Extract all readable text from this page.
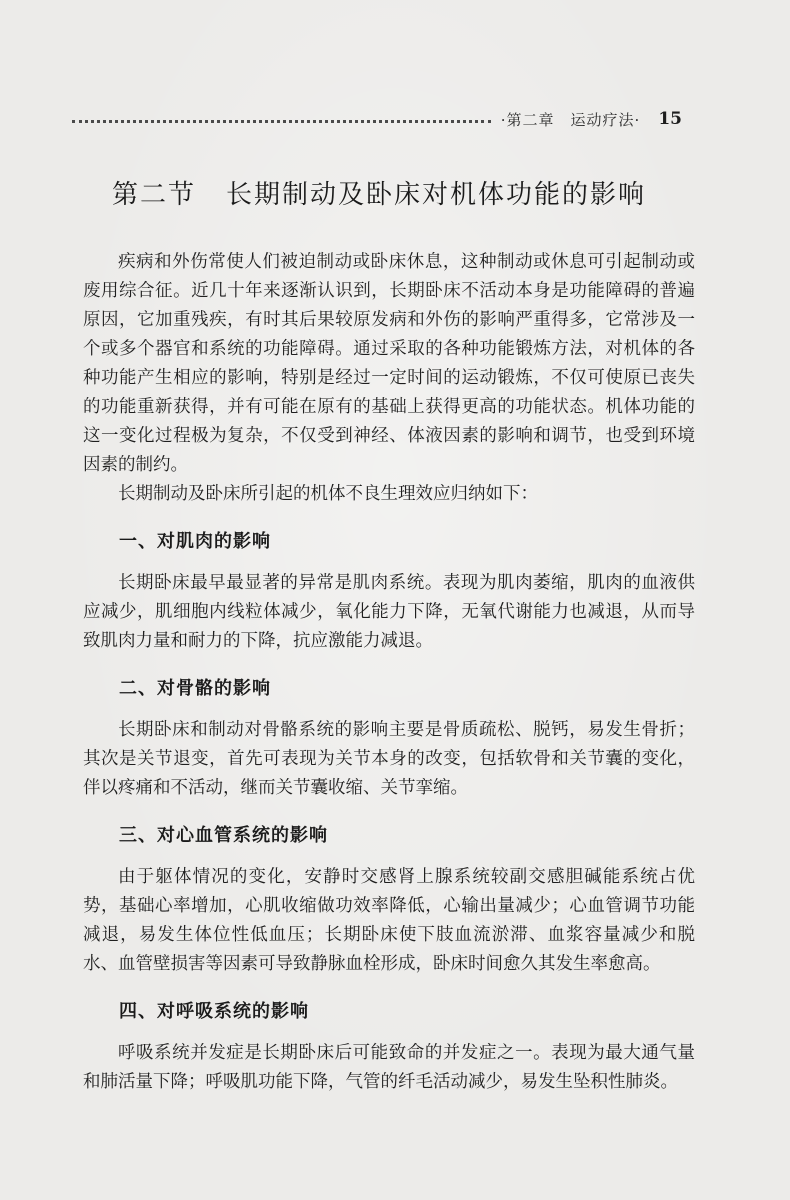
·第二章　运动疗法· 15
第二节 长期制动及卧床对机体功能的影响

疾病和外伤常使人们被迫制动或卧床休息，这种制动或休息可引起制动或废用综合征。近几十年来逐渐认识到，长期卧床不活动本身是功能障碍的普遍原因，它加重残疾，有时其后果较原发病和外伤的影响严重得多，它常涉及一个或多个器官和系统的功能障碍。通过采取的各种功能锻炼方法，对机体的各种功能产生相应的影响，特别是经过一定时间的运动锻炼，不仅可使原已丧失的功能重新获得，并有可能在原有的基础上获得更高的功能状态。机体功能的这一变化过程极为复杂，不仅受到神经、体液因素的影响和调节，也受到环境因素的制约。

长期制动及卧床所引起的机体不良生理效应归纳如下：

一、对肌肉的影响

长期卧床最早最显著的异常是肌肉系统。表现为肌肉萎缩，肌肉的血液供应减少，肌细胞内线粒体减少，氧化能力下降，无氧代谢能力也减退，从而导致肌肉力量和耐力的下降，抗应激能力减退。

二、对骨骼的影响

长期卧床和制动对骨骼系统的影响主要是骨质疏松、脱钙，易发生骨折；其次是关节退变，首先可表现为关节本身的改变，包括软骨和关节囊的变化，伴以疼痛和不活动，继而关节囊收缩、关节挛缩。

三、对心血管系统的影响

由于躯体情况的变化，安静时交感肾上腺系统较副交感胆碱能系统占优势，基础心率增加，心肌收缩做功效率降低，心输出量减少；心血管调节功能减退，易发生体位性低血压；长期卧床使下肢血流淤滞、血浆容量减少和脱水、血管壁损害等因素可导致静脉血栓形成，卧床时间愈久其发生率愈高。

四、对呼吸系统的影响

呼吸系统并发症是长期卧床后可能致命的并发症之一。表现为最大通气量和肺活量下降；呼吸肌功能下降，气管的纤毛活动减少，易发生坠积性肺炎。
